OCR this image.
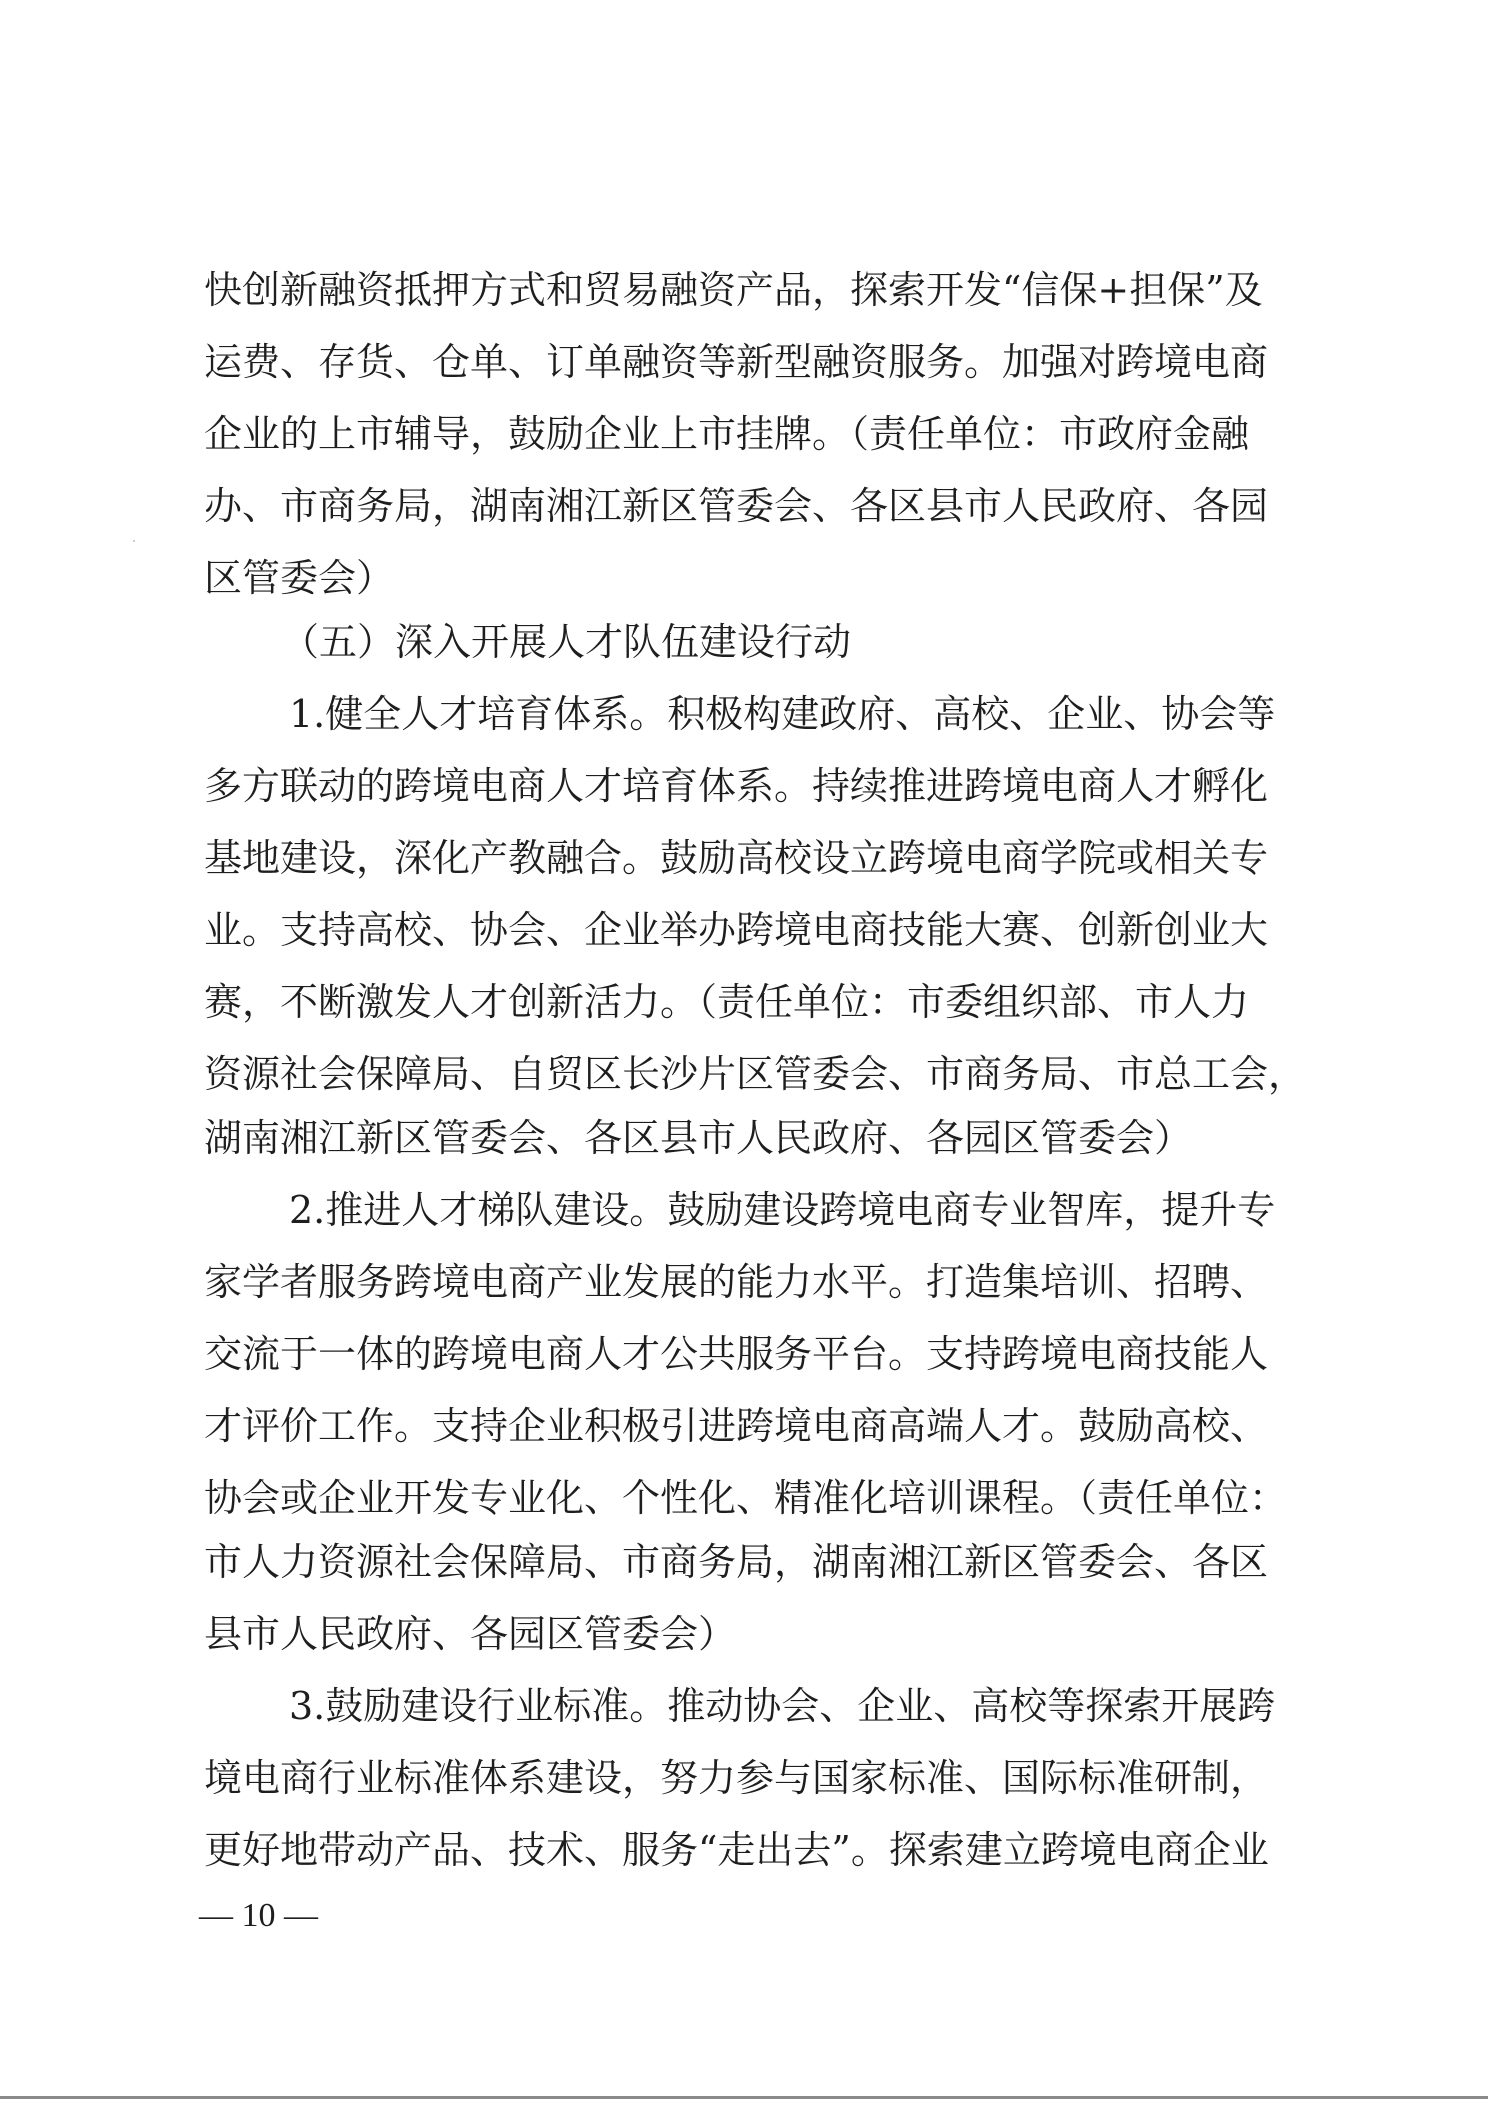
快创新融资抵押方式和贸易融资产品，探索开发“信保+担保”及
运费、存货、仓单、订单融资等新型融资服务。加强对跨境电商
企业的上市辅导，鼓励企业上市挂牌。（责任单位：市政府金融
办、市商务局，湖南湘江新区管委会、各区县市人民政府、各园
区管委会）
（五）深入开展人才队伍建设行动
1.健全人才培育体系。积极构建政府、高校、企业、协会等
多方联动的跨境电商人才培育体系。持续推进跨境电商人才孵化
基地建设，深化产教融合。鼓励高校设立跨境电商学院或相关专
业。支持高校、协会、企业举办跨境电商技能大赛、创新创业大
赛，不断激发人才创新活力。（责任单位：市委组织部、市人力
资源社会保障局、自贸区长沙片区管委会、市商务局、市总工会，
湖南湘江新区管委会、各区县市人民政府、各园区管委会）
2.推进人才梯队建设。鼓励建设跨境电商专业智库，提升专
家学者服务跨境电商产业发展的能力水平。打造集培训、招聘、
交流于一体的跨境电商人才公共服务平台。支持跨境电商技能人
才评价工作。支持企业积极引进跨境电商高端人才。鼓励高校、
协会或企业开发专业化、个性化、精准化培训课程。（责任单位：
市人力资源社会保障局、市商务局，湖南湘江新区管委会、各区
县市人民政府、各园区管委会）
3.鼓励建设行业标准。推动协会、企业、高校等探索开展跨
境电商行业标准体系建设，努力参与国家标准、国际标准研制，
更好地带动产品、技术、服务“走出去”。探索建立跨境电商企业
— 10 —
